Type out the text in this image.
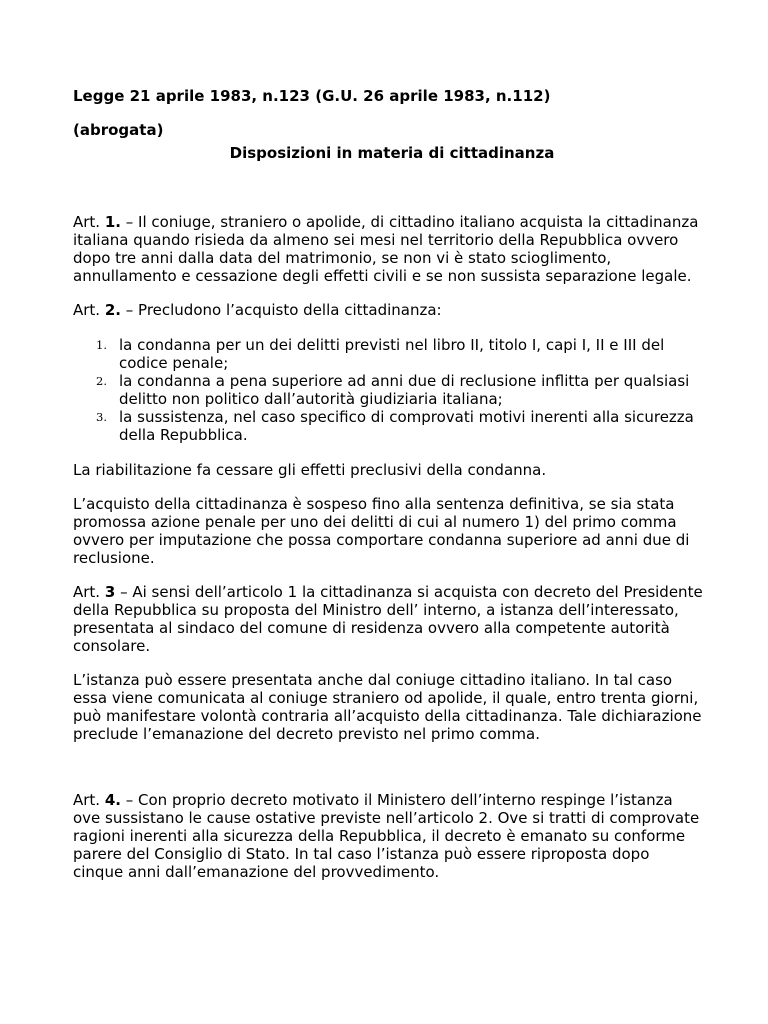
Legge 21 aprile 1983, n.123 (G.U. 26 aprile 1983, n.112)

(abrogata)

Disposizioni in materia di cittadinanza

Art. 1. – Il coniuge, straniero o apolide, di cittadino italiano acquista la cittadinanza italiana quando risieda da almeno sei mesi nel territorio della Repubblica ovvero dopo tre anni dalla data del matrimonio, se non vi è stato scioglimento, annullamento e cessazione degli effetti civili e se non sussista separazione legale.

Art. 2. – Precludono l’acquisto della cittadinanza:

1. la condanna per un dei delitti previsti nel libro II, titolo I, capi I, II e III del codice penale;
2. la condanna a pena superiore ad anni due di reclusione inflitta per qualsiasi delitto non politico dall’autorità giudiziaria italiana;
3. la sussistenza, nel caso specifico di comprovati motivi inerenti alla sicurezza della Repubblica.

La riabilitazione fa cessare gli effetti preclusivi della condanna.

L’acquisto della cittadinanza è sospeso fino alla sentenza definitiva, se sia stata promossa azione penale per uno dei delitti di cui al numero 1) del primo comma ovvero per imputazione che possa comportare condanna superiore ad anni due di reclusione.

Art. 3 – Ai sensi dell’articolo 1 la cittadinanza si acquista con decreto del Presidente della Repubblica su proposta del Ministro dell’ interno, a istanza dell’interessato, presentata al sindaco del comune di residenza ovvero alla competente autorità consolare.

L’istanza può essere presentata anche dal coniuge cittadino italiano. In tal caso essa viene comunicata al coniuge straniero od apolide, il quale, entro trenta giorni, può manifestare volontà contraria all’acquisto della cittadinanza. Tale dichiarazione preclude l’emanazione del decreto previsto nel primo comma.

Art. 4. – Con proprio decreto motivato il Ministero dell’interno respinge l’istanza ove sussistano le cause ostative previste nell’articolo 2. Ove si tratti di comprovate ragioni inerenti alla sicurezza della Repubblica, il decreto è emanato su conforme parere del Consiglio di Stato. In tal caso l’istanza può essere riproposta dopo cinque anni dall’emanazione del provvedimento.
